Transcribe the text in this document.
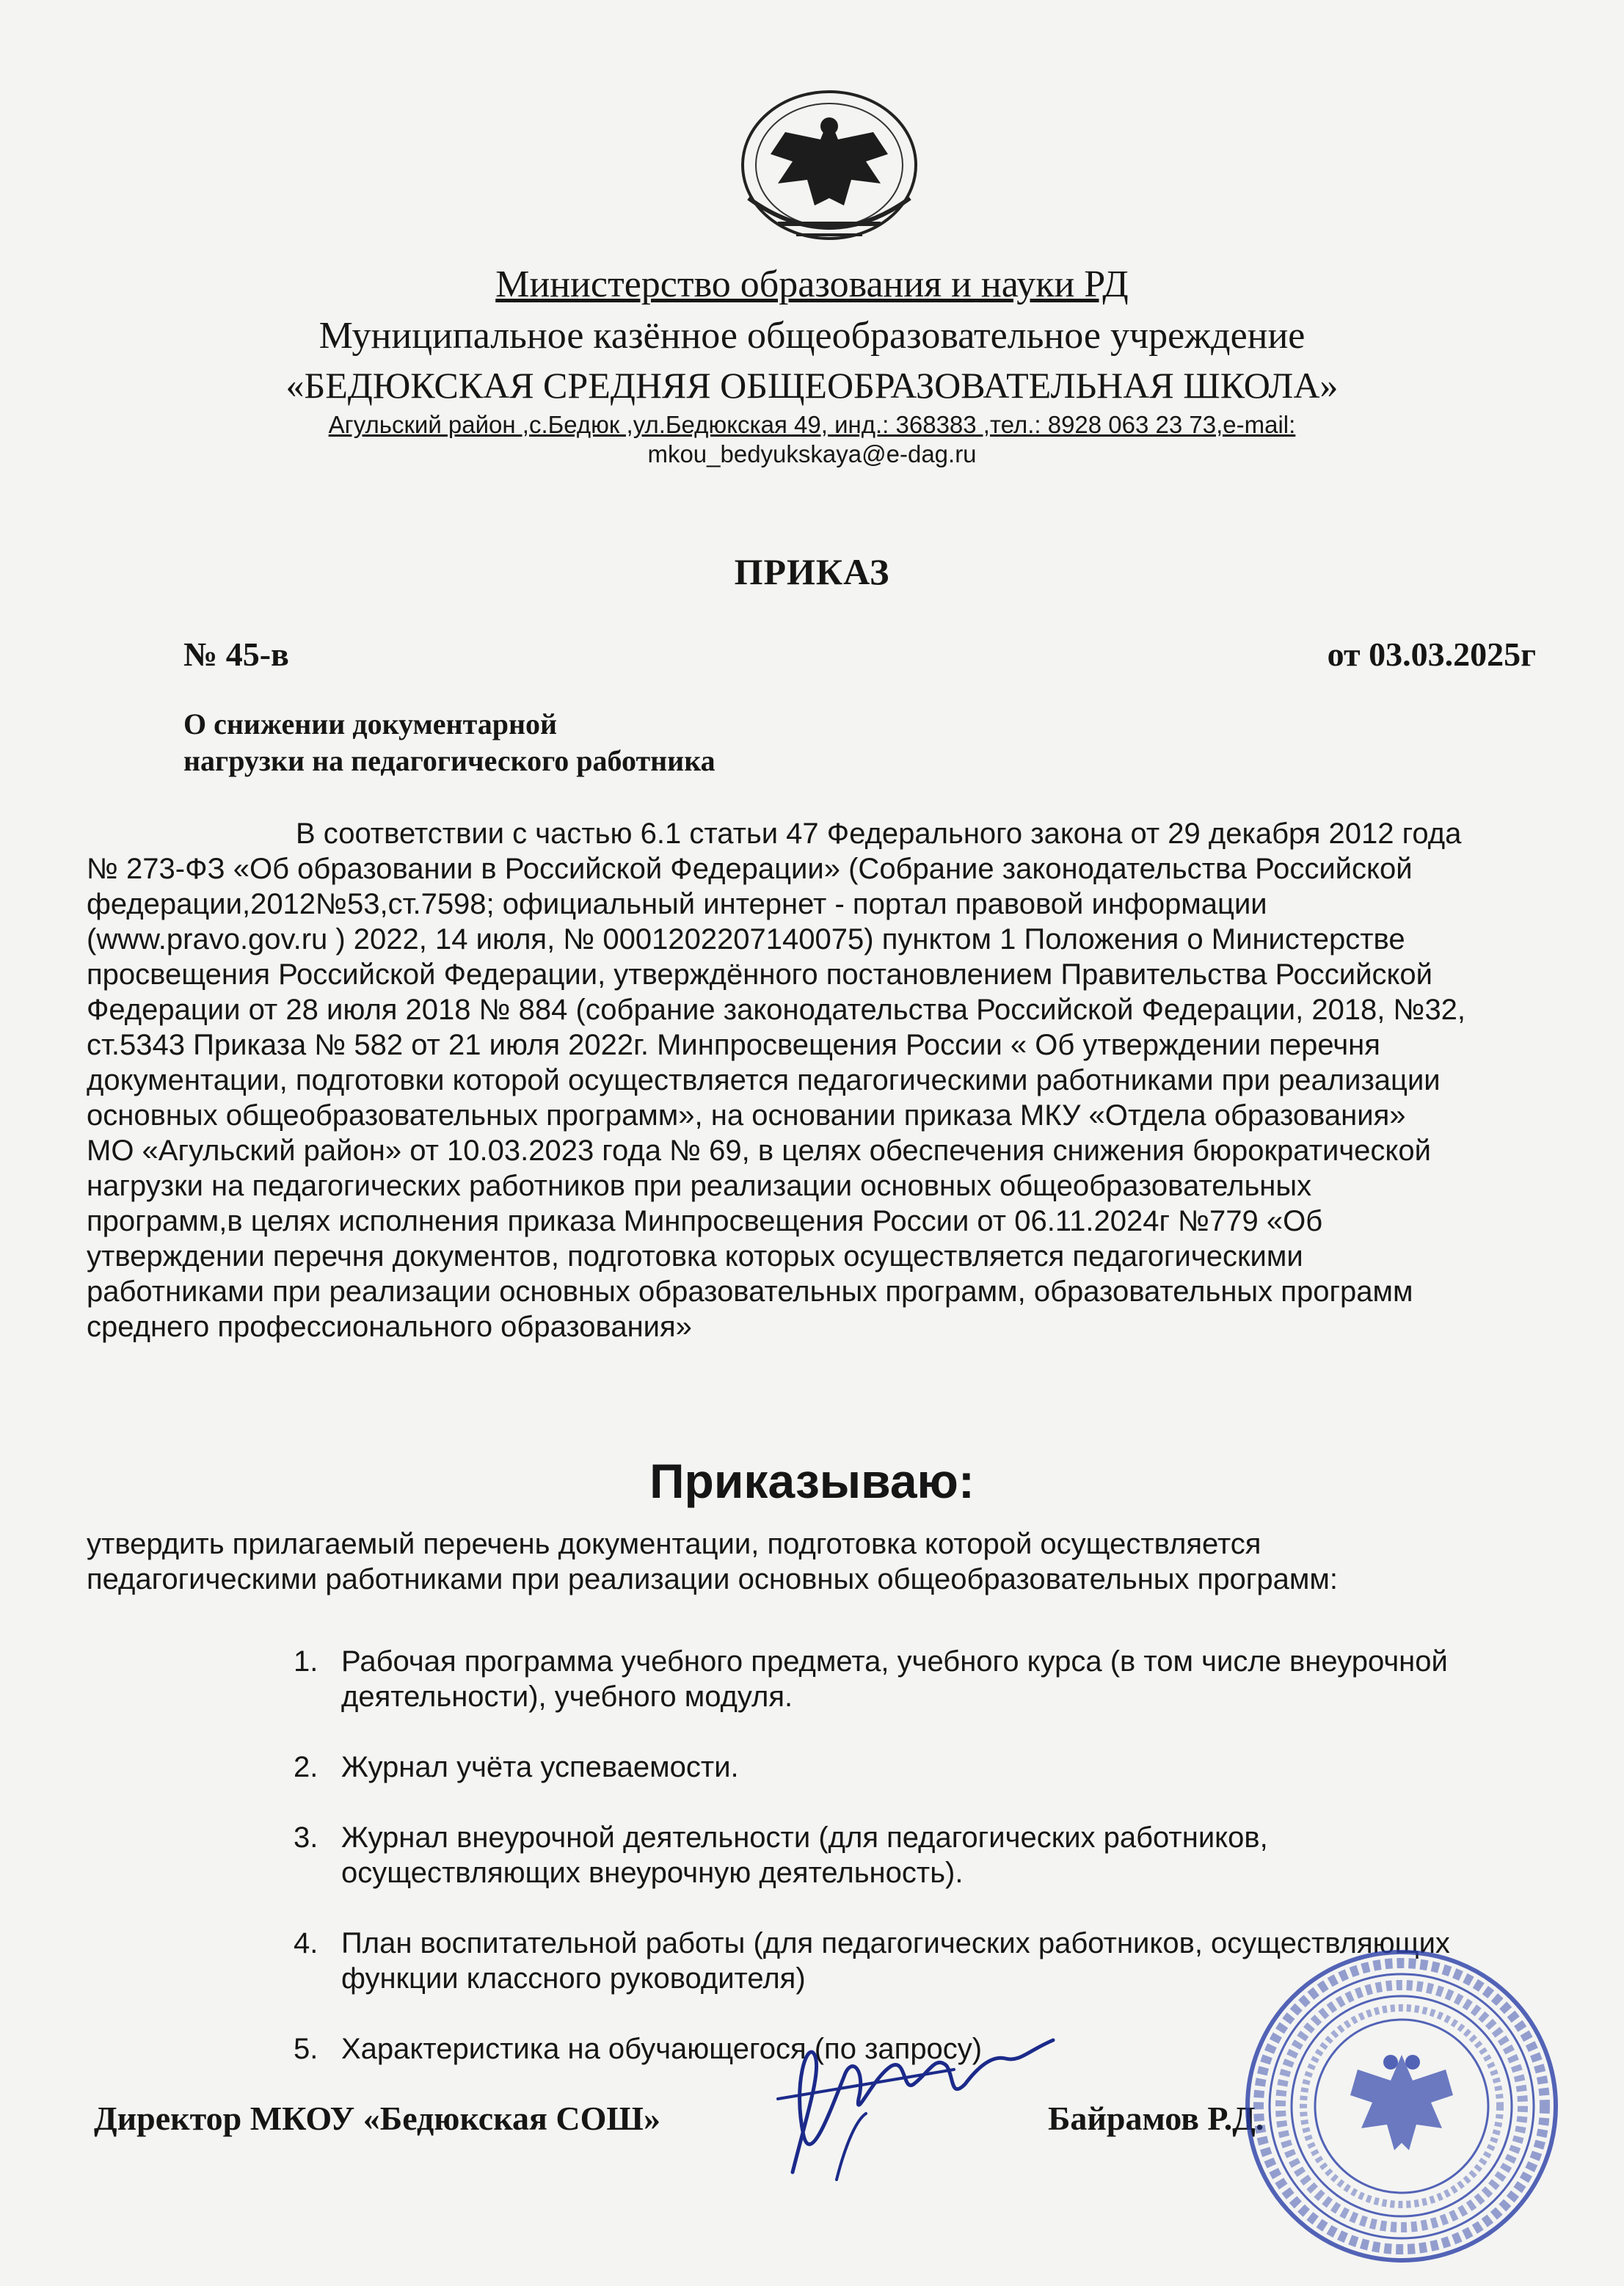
Министерство образования и науки РД
Муниципальное казённое общеобразовательное учреждение
«БЕДЮКСКАЯ СРЕДНЯЯ ОБЩЕОБРАЗОВАТЕЛЬНАЯ ШКОЛА»
Агульский район ,с.Бедюк ,ул.Бедюкская 49, инд.: 368383 ,тел.: 8928 063 23 73,e-mail:
mkou_bedyukskaya@e-dag.ru
ПРИКАЗ
№ 45-в	от 03.03.2025г
О снижении документарной
нагрузки на педагогического работника
В соответствии с частью 6.1 статьи 47 Федерального закона от 29 декабря 2012 года
№ 273-ФЗ «Об образовании в Российской Федерации» (Собрание законодательства Российской
федерации,2012№53,ст.7598; официальный интернет - портал правовой информации
(www.pravo.gov.ru ) 2022, 14 июля, № 0001202207140075) пунктом 1 Положения о Министерстве
просвещения Российской Федерации, утверждённого постановлением Правительства Российской
Федерации от 28 июля 2018 № 884 (собрание законодательства Российской Федерации, 2018, №32,
ст.5343 Приказа № 582 от 21 июля 2022г. Минпросвещения России « Об утверждении перечня
документации, подготовки которой осуществляется педагогическими работниками при реализации
основных общеобразовательных программ», на основании приказа МКУ «Отдела образования»
МО «Агульский район» от 10.03.2023 года № 69, в целях обеспечения снижения бюрократической
нагрузки на педагогических работников при реализации основных общеобразовательных
программ,в целях исполнения приказа Минпросвещения России от 06.11.2024г №779 «Об
утверждении перечня документов, подготовка которых осуществляется педагогическими
работниками при реализации основных образовательных программ, образовательных программ
среднего профессионального образования»
Приказываю:
утвердить прилагаемый перечень документации, подготовка которой осуществляется
педагогическими работниками при реализации основных общеобразовательных программ:
1. Рабочая программа учебного предмета, учебного курса (в том числе внеурочной
деятельности), учебного модуля.
2. Журнал учёта успеваемости.
3. Журнал внеурочной деятельности (для педагогических работников,
осуществляющих внеурочную деятельность).
4. План воспитательной работы (для педагогических работников, осуществляющих
функции классного руководителя)
5. Характеристика на обучающегося (по запросу)
Директор МКОУ «Бедюкская СОШ»	Байрамов Р.Д.
